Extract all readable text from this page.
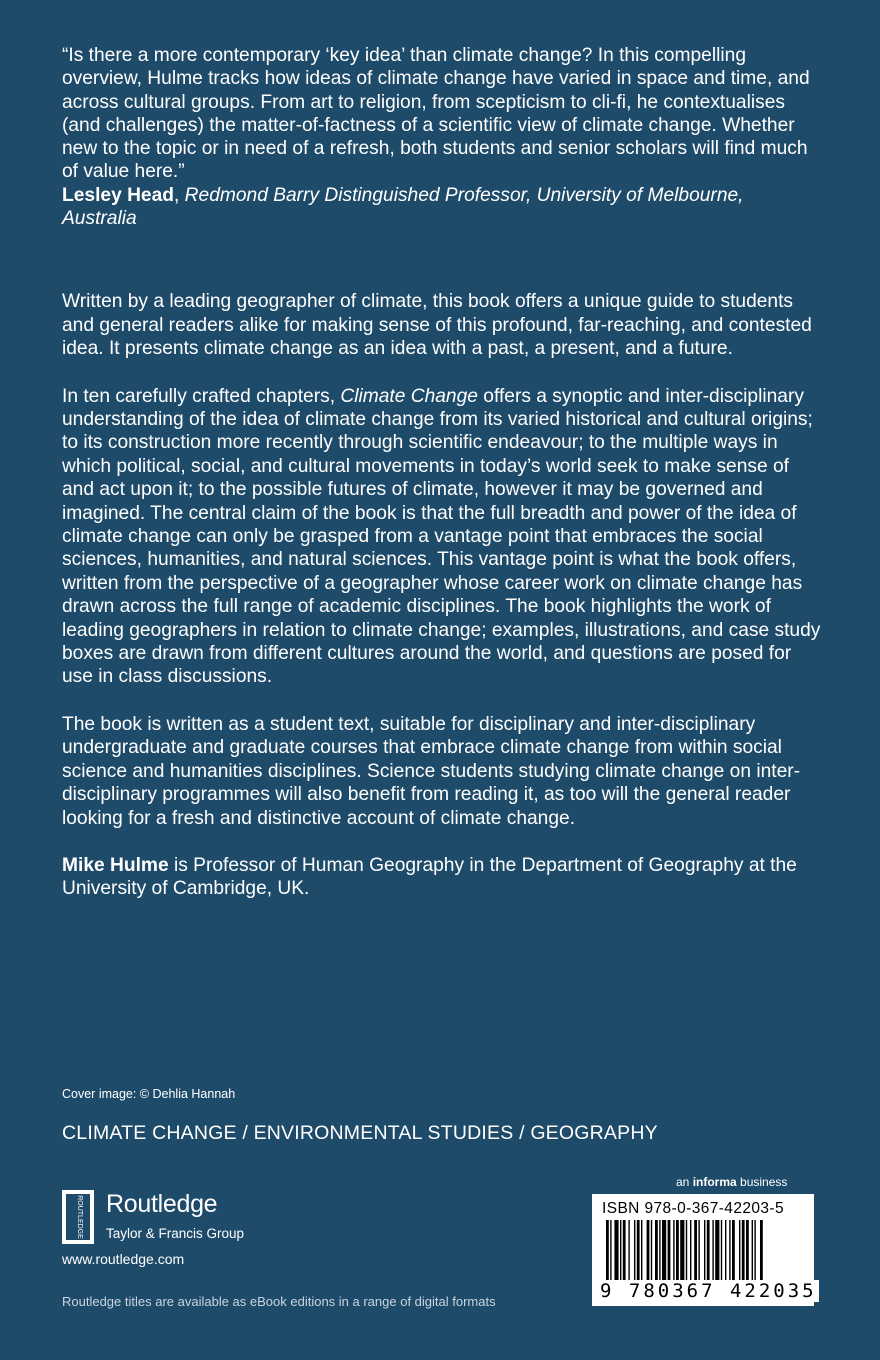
“Is there a more contemporary ‘key idea’ than climate change? In this compelling overview, Hulme tracks how ideas of climate change have varied in space and time, and across cultural groups. From art to religion, from scepticism to cli-fi, he contextualises (and challenges) the matter-of-factness of a scientific view of climate change. Whether new to the topic or in need of a refresh, both students and senior scholars will find much of value here.”
Lesley Head, Redmond Barry Distinguished Professor, University of Melbourne, Australia

Written by a leading geographer of climate, this book offers a unique guide to students and general readers alike for making sense of this profound, far-reaching, and contested idea. It presents climate change as an idea with a past, a present, and a future.

In ten carefully crafted chapters, Climate Change offers a synoptic and inter-disciplinary understanding of the idea of climate change from its varied historical and cultural origins; to its construction more recently through scientific endeavour; to the multiple ways in which political, social, and cultural movements in today’s world seek to make sense of and act upon it; to the possible futures of climate, however it may be governed and imagined. The central claim of the book is that the full breadth and power of the idea of climate change can only be grasped from a vantage point that embraces the social sciences, humanities, and natural sciences. This vantage point is what the book offers, written from the perspective of a geographer whose career work on climate change has drawn across the full range of academic disciplines. The book highlights the work of leading geographers in relation to climate change; examples, illustrations, and case study boxes are drawn from different cultures around the world, and questions are posed for use in class discussions.

The book is written as a student text, suitable for disciplinary and inter-disciplinary undergraduate and graduate courses that embrace climate change from within social science and humanities disciplines. Science students studying climate change on inter-disciplinary programmes will also benefit from reading it, as too will the general reader looking for a fresh and distinctive account of climate change.

Mike Hulme is Professor of Human Geography in the Department of Geography at the University of Cambridge, UK.

Cover image: © Dehlia Hannah
CLIMATE CHANGE / ENVIRONMENTAL STUDIES / GEOGRAPHY
ROUTLEDGE Routledge
Taylor & Francis Group
www.routledge.com
Routledge titles are available as eBook editions in a range of digital formats
an informa business
ISBN 978-0-367-42203-5
9 780367 422035
